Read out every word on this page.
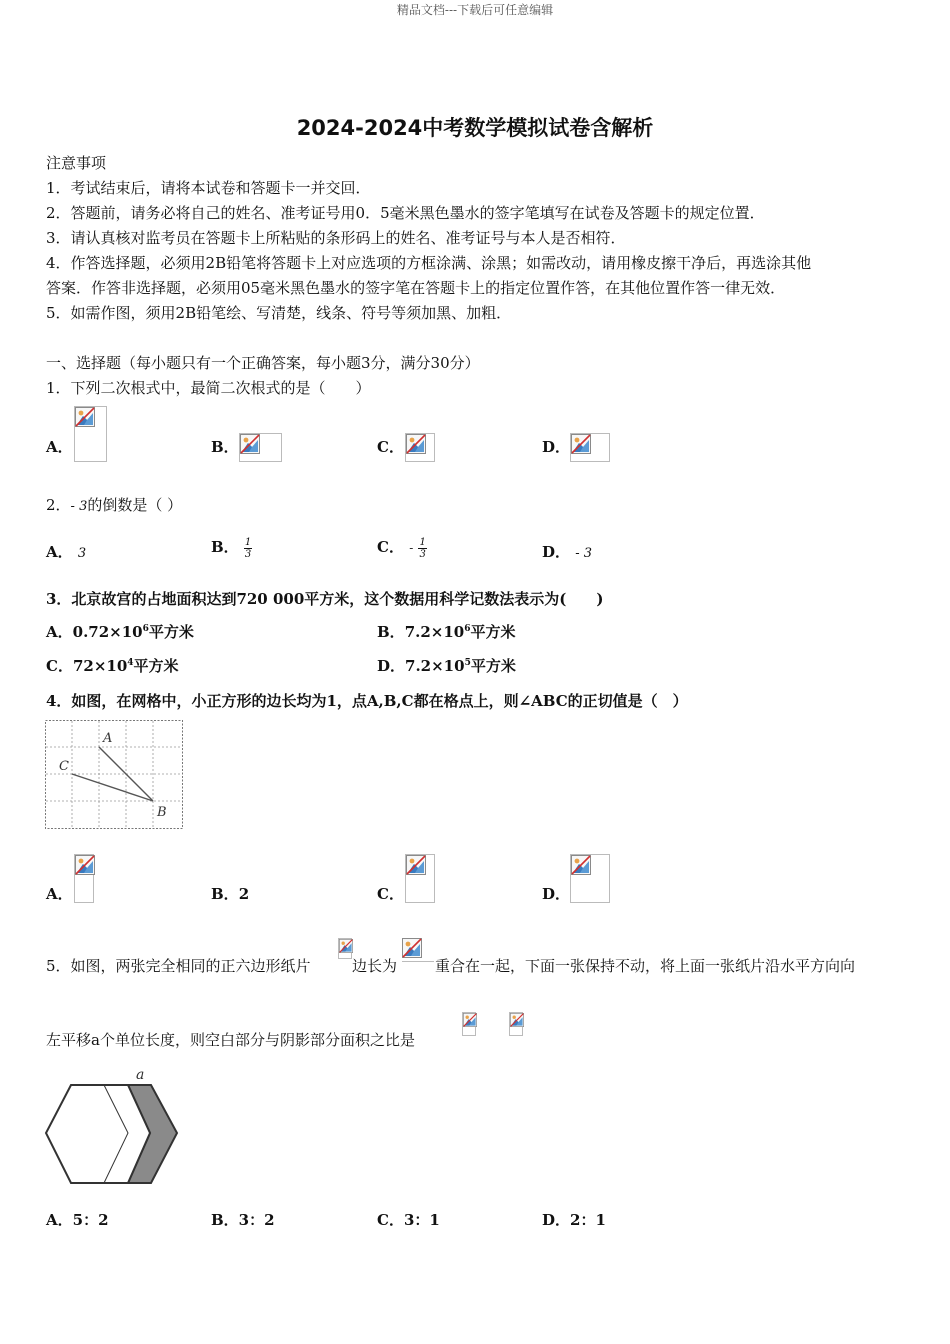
精品文档---下载后可任意编辑
2024-2024中考数学模拟试卷含解析
注意事项
1．考试结束后，请将本试卷和答题卡一并交回．
2．答题前，请务必将自己的姓名、准考证号用0．5毫米黑色墨水的签字笔填写在试卷及答题卡的规定位置．
3．请认真核对监考员在答题卡上所粘贴的条形码上的姓名、准考证号与本人是否相符．
4．作答选择题，必须用2B铅笔将答题卡上对应选项的方框涂满、涂黑；如需改动，请用橡皮擦干净后，再选涂其他
答案．作答非选择题，必须用05毫米黑色墨水的签字笔在答题卡上的指定位置作答，在其他位置作答一律无效．
5．如需作图，须用2B铅笔绘、写清楚，线条、符号等须加黑、加粗．
一、选择题（每小题只有一个正确答案，每小题3分，满分30分）
1．下列二次根式中，最简二次根式的是（　　）
A．	B．	C．	D．
2．- 3的倒数是（ ）
A． 3	B． $\frac{1}{3}$	C． - $\frac{1}{3}$	D． - 3
3．北京故宫的占地面积达到720 000平方米，这个数据用科学记数法表示为(　　)
A．$0.72\times 10^6$平方米	B．$7.2\times 10^6$平方米
C．$72\times 10^4$平方米	D．$7.2\times 10^5$平方米
4．如图，在网格中，小正方形的边长均为1，点A,B,C都在格点上，则∠ABC的正切值是（　）
A
B
C
A．	B．2	C．	D．
5．如图，两张完全相同的正六边形纸片	边长为	重合在一起，下面一张保持不动，将上面一张纸片沿水平方向向
左平移a个单位长度，则空白部分与阴影部分面积之比是
a
A．5：2	B．3：2	C．3：1	D．2：1
